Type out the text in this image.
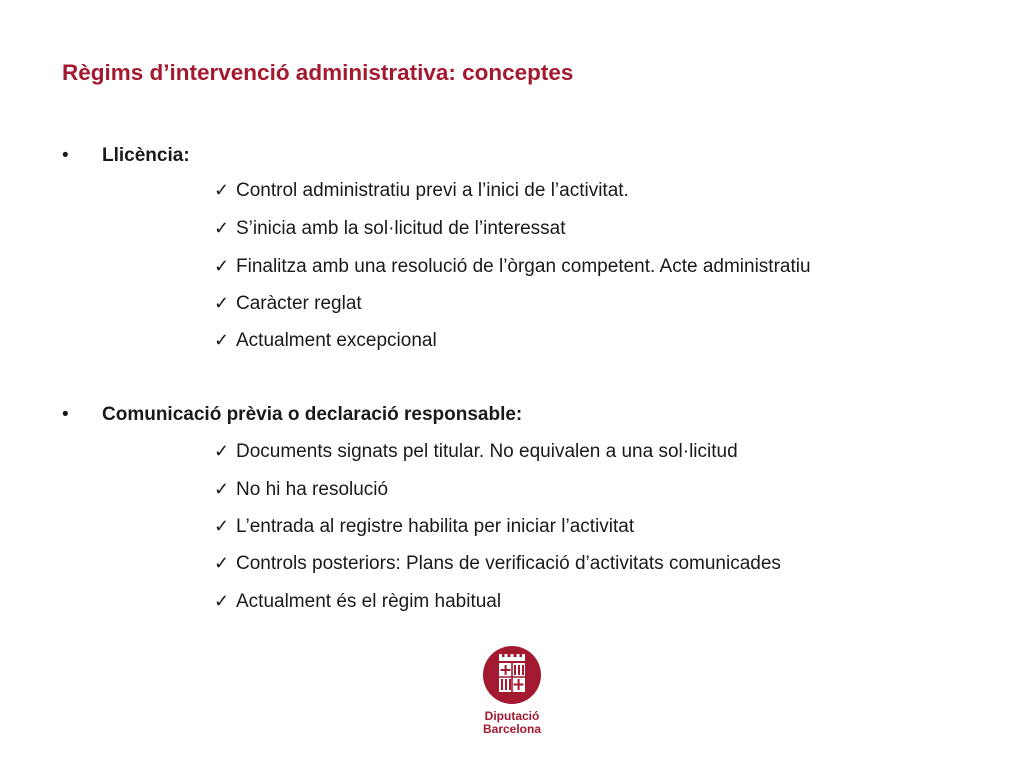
Règims d’intervenció administrativa: conceptes
• Llicència:
✓ Control administratiu previ a l’inici de l’activitat.
✓ S’inicia amb la sol·licitud de l’interessat
✓ Finalitza amb una resolució de l’òrgan competent. Acte administratiu
✓ Caràcter reglat
✓ Actualment excepcional
• Comunicació prèvia o declaració responsable:
✓ Documents signats pel titular. No equivalen a una sol·licitud
✓ No hi ha resolució
✓ L’entrada al registre habilita per iniciar l’activitat
✓ Controls posteriors: Plans de verificació d’activitats comunicades
✓ Actualment és el règim habitual
Diputació
Barcelona
